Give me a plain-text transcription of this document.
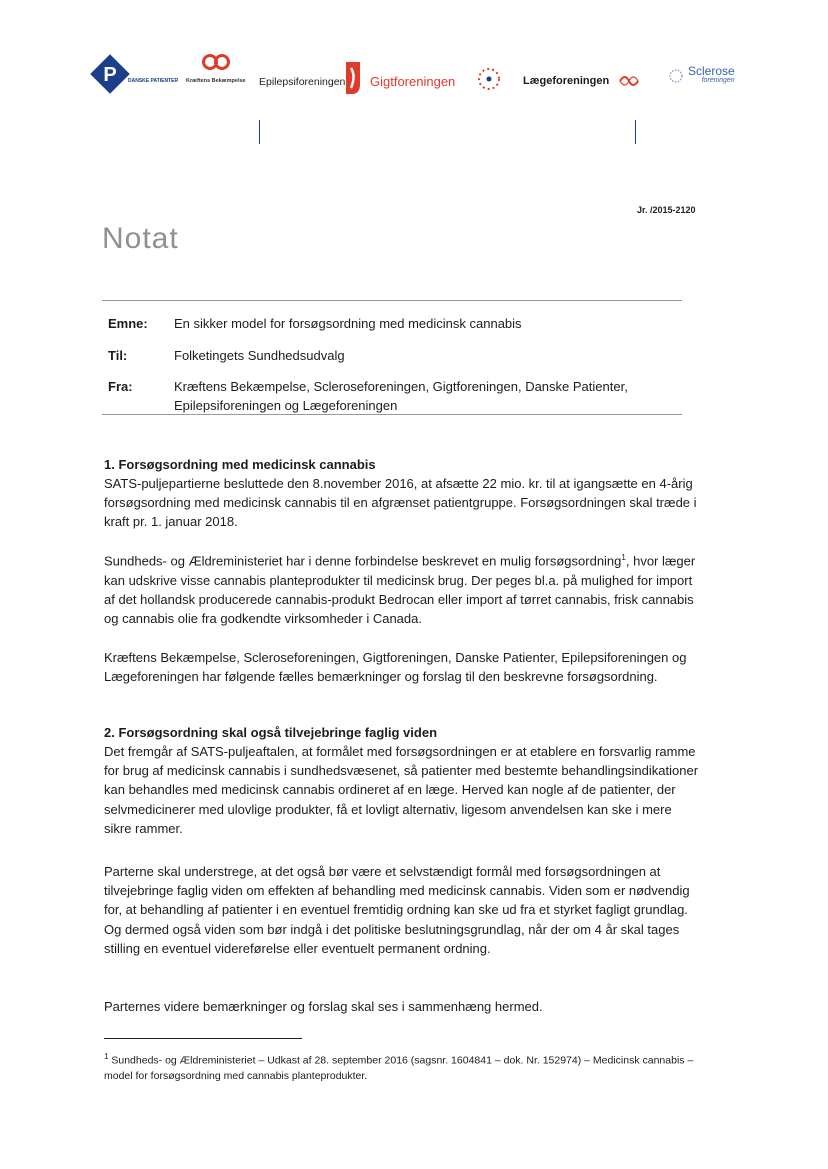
P DANSKE PATIENTER Kræftens Bekæmpelse Epilepsiforeningen Gigtforeningen	Lægeforeningen
Sclerose
foreningen
Jr. /2015-2120
Notat
Emne: En sikker model for forsøgsordning med medicinsk cannabis
Til:	Folketingets Sundhedsudvalg
Fra:	Kræftens Bekæmpelse, Scleroseforeningen, Gigtforeningen, Danske Patienter, Epilepsiforeningen og Lægeforeningen
1. Forsøgsordning med medicinsk cannabis

SATS-puljepartierne besluttede den 8.november 2016, at afsætte 22 mio. kr. til at igangsætte en 4-årig forsøgsordning med medicinsk cannabis til en afgrænset patientgruppe. Forsøgsordningen skal træde i kraft pr. 1. januar 2018.

Sundheds- og Ældreministeriet har i denne forbindelse beskrevet en mulig forsøgsordning$^1$, hvor læger kan udskrive visse cannabis planteprodukter til medicinsk brug. Der peges bl.a. på mulighed for import af det hollandsk producerede cannabis-produkt Bedrocan eller import af tørret cannabis, frisk cannabis og cannabis olie fra godkendte virksomheder i Canada.

Kræftens Bekæmpelse, Scleroseforeningen, Gigtforeningen, Danske Patienter, Epilepsiforeningen og Lægeforeningen har følgende fælles bemærkninger og forslag til den beskrevne forsøgsordning.

2. Forsøgsordning skal også tilvejebringe faglig viden

Det fremgår af SATS-puljeaftalen, at formålet med forsøgsordningen er at etablere en forsvarlig ramme for brug af medicinsk cannabis i sundhedsvæsenet, så patienter med bestemte behandlingsindikationer kan behandles med medicinsk cannabis ordineret af en læge. Herved kan nogle af de patienter, der selvmedicinerer med ulovlige produkter, få et lovligt alternativ, ligesom anvendelsen kan ske i mere sikre rammer.

Parterne skal understrege, at det også bør være et selvstændigt formål med forsøgsordningen at tilvejebringe faglig viden om effekten af behandling med medicinsk cannabis. Viden som er nødvendig for, at behandling af patienter i en eventuel fremtidig ordning kan ske ud fra et styrket fagligt grundlag. Og dermed også viden som bør indgå i det politiske beslutningsgrundlag, når der om 4 år skal tages stilling en eventuel videreførelse eller eventuelt permanent ordning.

Parternes videre bemærkninger og forslag skal ses i sammenhæng hermed.

$^1$ Sundheds- og Ældreministeriet – Udkast af 28. september 2016 (sagsnr. 1604841 – dok. Nr. 152974) – Medicinsk cannabis – model for forsøgsordning med cannabis planteprodukter.
